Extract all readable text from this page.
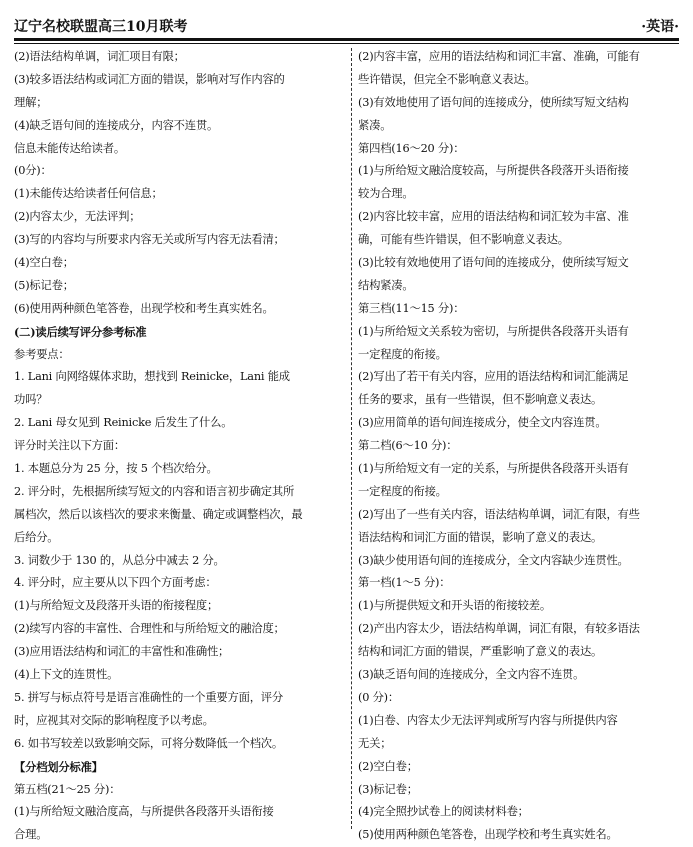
辽宁名校联盟高三10月联考	·英语·
(2)语法结构单调，词汇项目有限；
(3)较多语法结构或词汇方面的错误，影响对写作内容的
理解；
(4)缺乏语句间的连接成分，内容不连贯。
信息未能传达给读者。
(0分)：
(1)未能传达给读者任何信息；
(2)内容太少，无法评判；
(3)写的内容均与所要求内容无关或所写内容无法看清；
(4)空白卷；
(5)标记卷；
(6)使用两种颜色笔答卷，出现学校和考生真实姓名。
(二)读后续写评分参考标准
参考要点：
1. Lani 向网络媒体求助，想找到 Reinicke，Lani 能成
功吗？
2. Lani 母女见到 Reinicke 后发生了什么。
评分时关注以下方面：
1. 本题总分为 25 分，按 5 个档次给分。
2. 评分时，先根据所续写短文的内容和语言初步确定其所
属档次，然后以该档次的要求来衡量、确定或调整档次，最
后给分。
3. 词数少于 130 的，从总分中减去 2 分。
4. 评分时，应主要从以下四个方面考虑：
(1)与所给短文及段落开头语的衔接程度；
(2)续写内容的丰富性、合理性和与所给短文的融洽度；
(3)应用语法结构和词汇的丰富性和准确性；
(4)上下文的连贯性。
5. 拼写与标点符号是语言准确性的一个重要方面，评分
时，应视其对交际的影响程度予以考虑。
6. 如书写较差以致影响交际，可将分数降低一个档次。
【分档划分标准】
第五档(21～25 分)：
(1)与所给短文融洽度高，与所提供各段落开头语衔接
合理。
(2)内容丰富，应用的语法结构和词汇丰富、准确，可能有
些许错误，但完全不影响意义表达。
(3)有效地使用了语句间的连接成分，使所续写短文结构
紧凑。
第四档(16～20 分)：
(1)与所给短文融洽度较高，与所提供各段落开头语衔接
较为合理。
(2)内容比较丰富，应用的语法结构和词汇较为丰富、准
确，可能有些许错误，但不影响意义表达。
(3)比较有效地使用了语句间的连接成分，使所续写短文
结构紧凑。
第三档(11～15 分)：
(1)与所给短文关系较为密切，与所提供各段落开头语有
一定程度的衔接。
(2)写出了若干有关内容，应用的语法结构和词汇能满足
任务的要求，虽有一些错误，但不影响意义表达。
(3)应用简单的语句间连接成分，使全文内容连贯。
第二档(6～10 分)：
(1)与所给短文有一定的关系，与所提供各段落开头语有
一定程度的衔接。
(2)写出了一些有关内容，语法结构单调，词汇有限，有些
语法结构和词汇方面的错误，影响了意义的表达。
(3)缺少使用语句间的连接成分，全文内容缺少连贯性。
第一档(1～5 分)：
(1)与所提供短文和开头语的衔接较差。
(2)产出内容太少，语法结构单调，词汇有限，有较多语法
结构和词汇方面的错误，严重影响了意义的表达。
(3)缺乏语句间的连接成分，全文内容不连贯。
(0 分)：
(1)白卷、内容太少无法评判或所写内容与所提供内容
无关；
(2)空白卷；
(3)标记卷；
(4)完全照抄试卷上的阅读材料卷；
(5)使用两种颜色笔答卷，出现学校和考生真实姓名。
